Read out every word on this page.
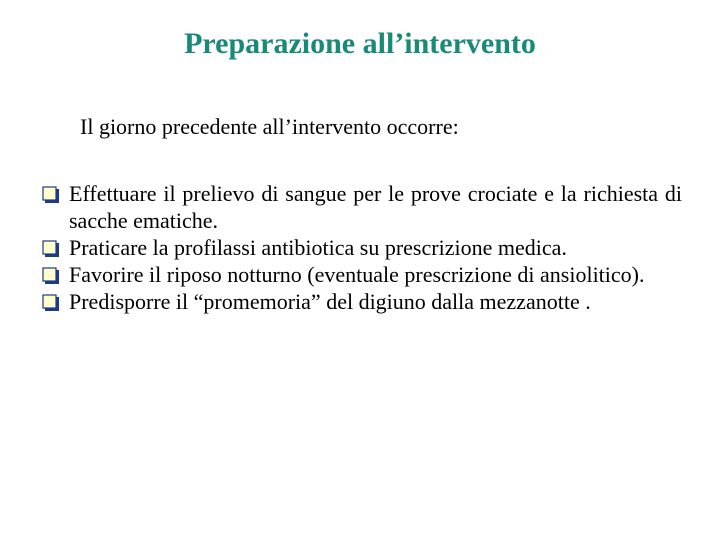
Preparazione all’intervento
Il giorno precedente all’intervento occorre:
Effettuare il prelievo di sangue per le prove crociate e la richiesta di sacche ematiche.
Praticare la profilassi antibiotica su prescrizione medica.
Favorire il riposo notturno (eventuale prescrizione di ansiolitico).
Predisporre il “promemoria” del digiuno dalla mezzanotte .
